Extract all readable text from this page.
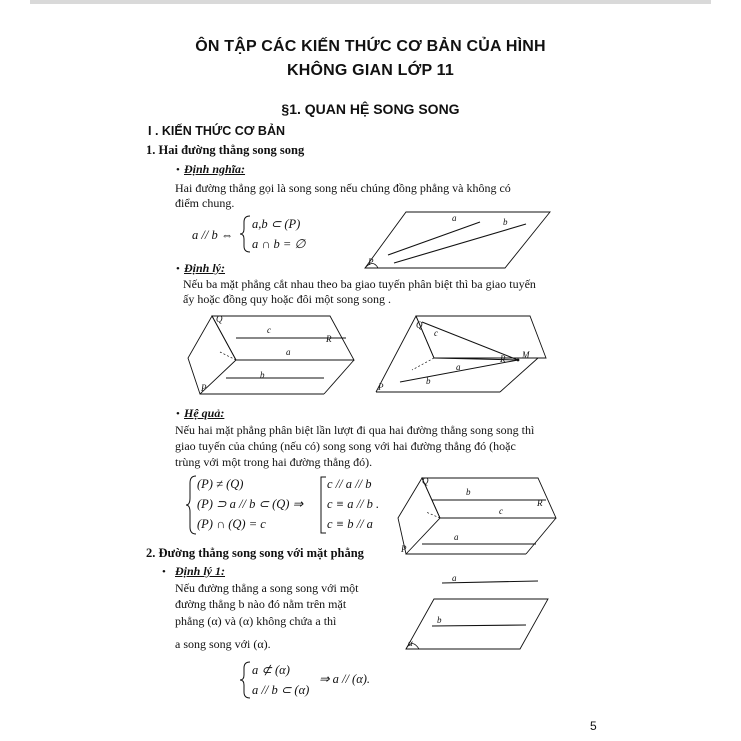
ÔN TẬP CÁC KIẾN THỨC CƠ BẢN CỦA HÌNH
KHÔNG GIAN LỚP 11
§1. QUAN HỆ SONG SONG
I . KIẾN THỨC CƠ BẢN
1. Hai đường thẳng song song
• Định nghĩa:
Hai đường thẳng gọi là song song nếu chúng đồng phẳng và không có
điểm chung.
a // b ⇔
a,b ⊂ (P)
a ∩ b = ∅
a	b
P
• Định lý:
Nếu ba mặt phẳng cắt nhau theo ba giao tuyến phân biệt thì ba giao tuyến
ấy hoặc đồng quy hoặc đôi một song song .
c
a
b
Q
R
P
c
a
b
M
Q
R
P
• Hệ quả:
Nếu hai mặt phẳng phân biệt lần lượt đi qua hai đường thẳng song song thì
giao tuyến của chúng (nếu có) song song với hai đường thẳng đó (hoặc
trùng với một trong hai đường thẳng đó).
(P) ≠ (Q)
(P) ⊃ a // b ⊂ (Q) ⇒
(P) ∩ (Q) = c
c // a // b
c ≡ a // b .
c ≡ b // a
b
c
a
Q
R
P
2. Đường thẳng song song với mặt phẳng
• Định lý 1:
Nếu đường thẳng a song song với một
đường thẳng b nào đó nằm trên mặt
phẳng (α) và (α) không chứa a thì
a song song với (α).
a ⊄ (α)
a // b ⊂ (α)
⇒ a // (α).
a
b
α
5
